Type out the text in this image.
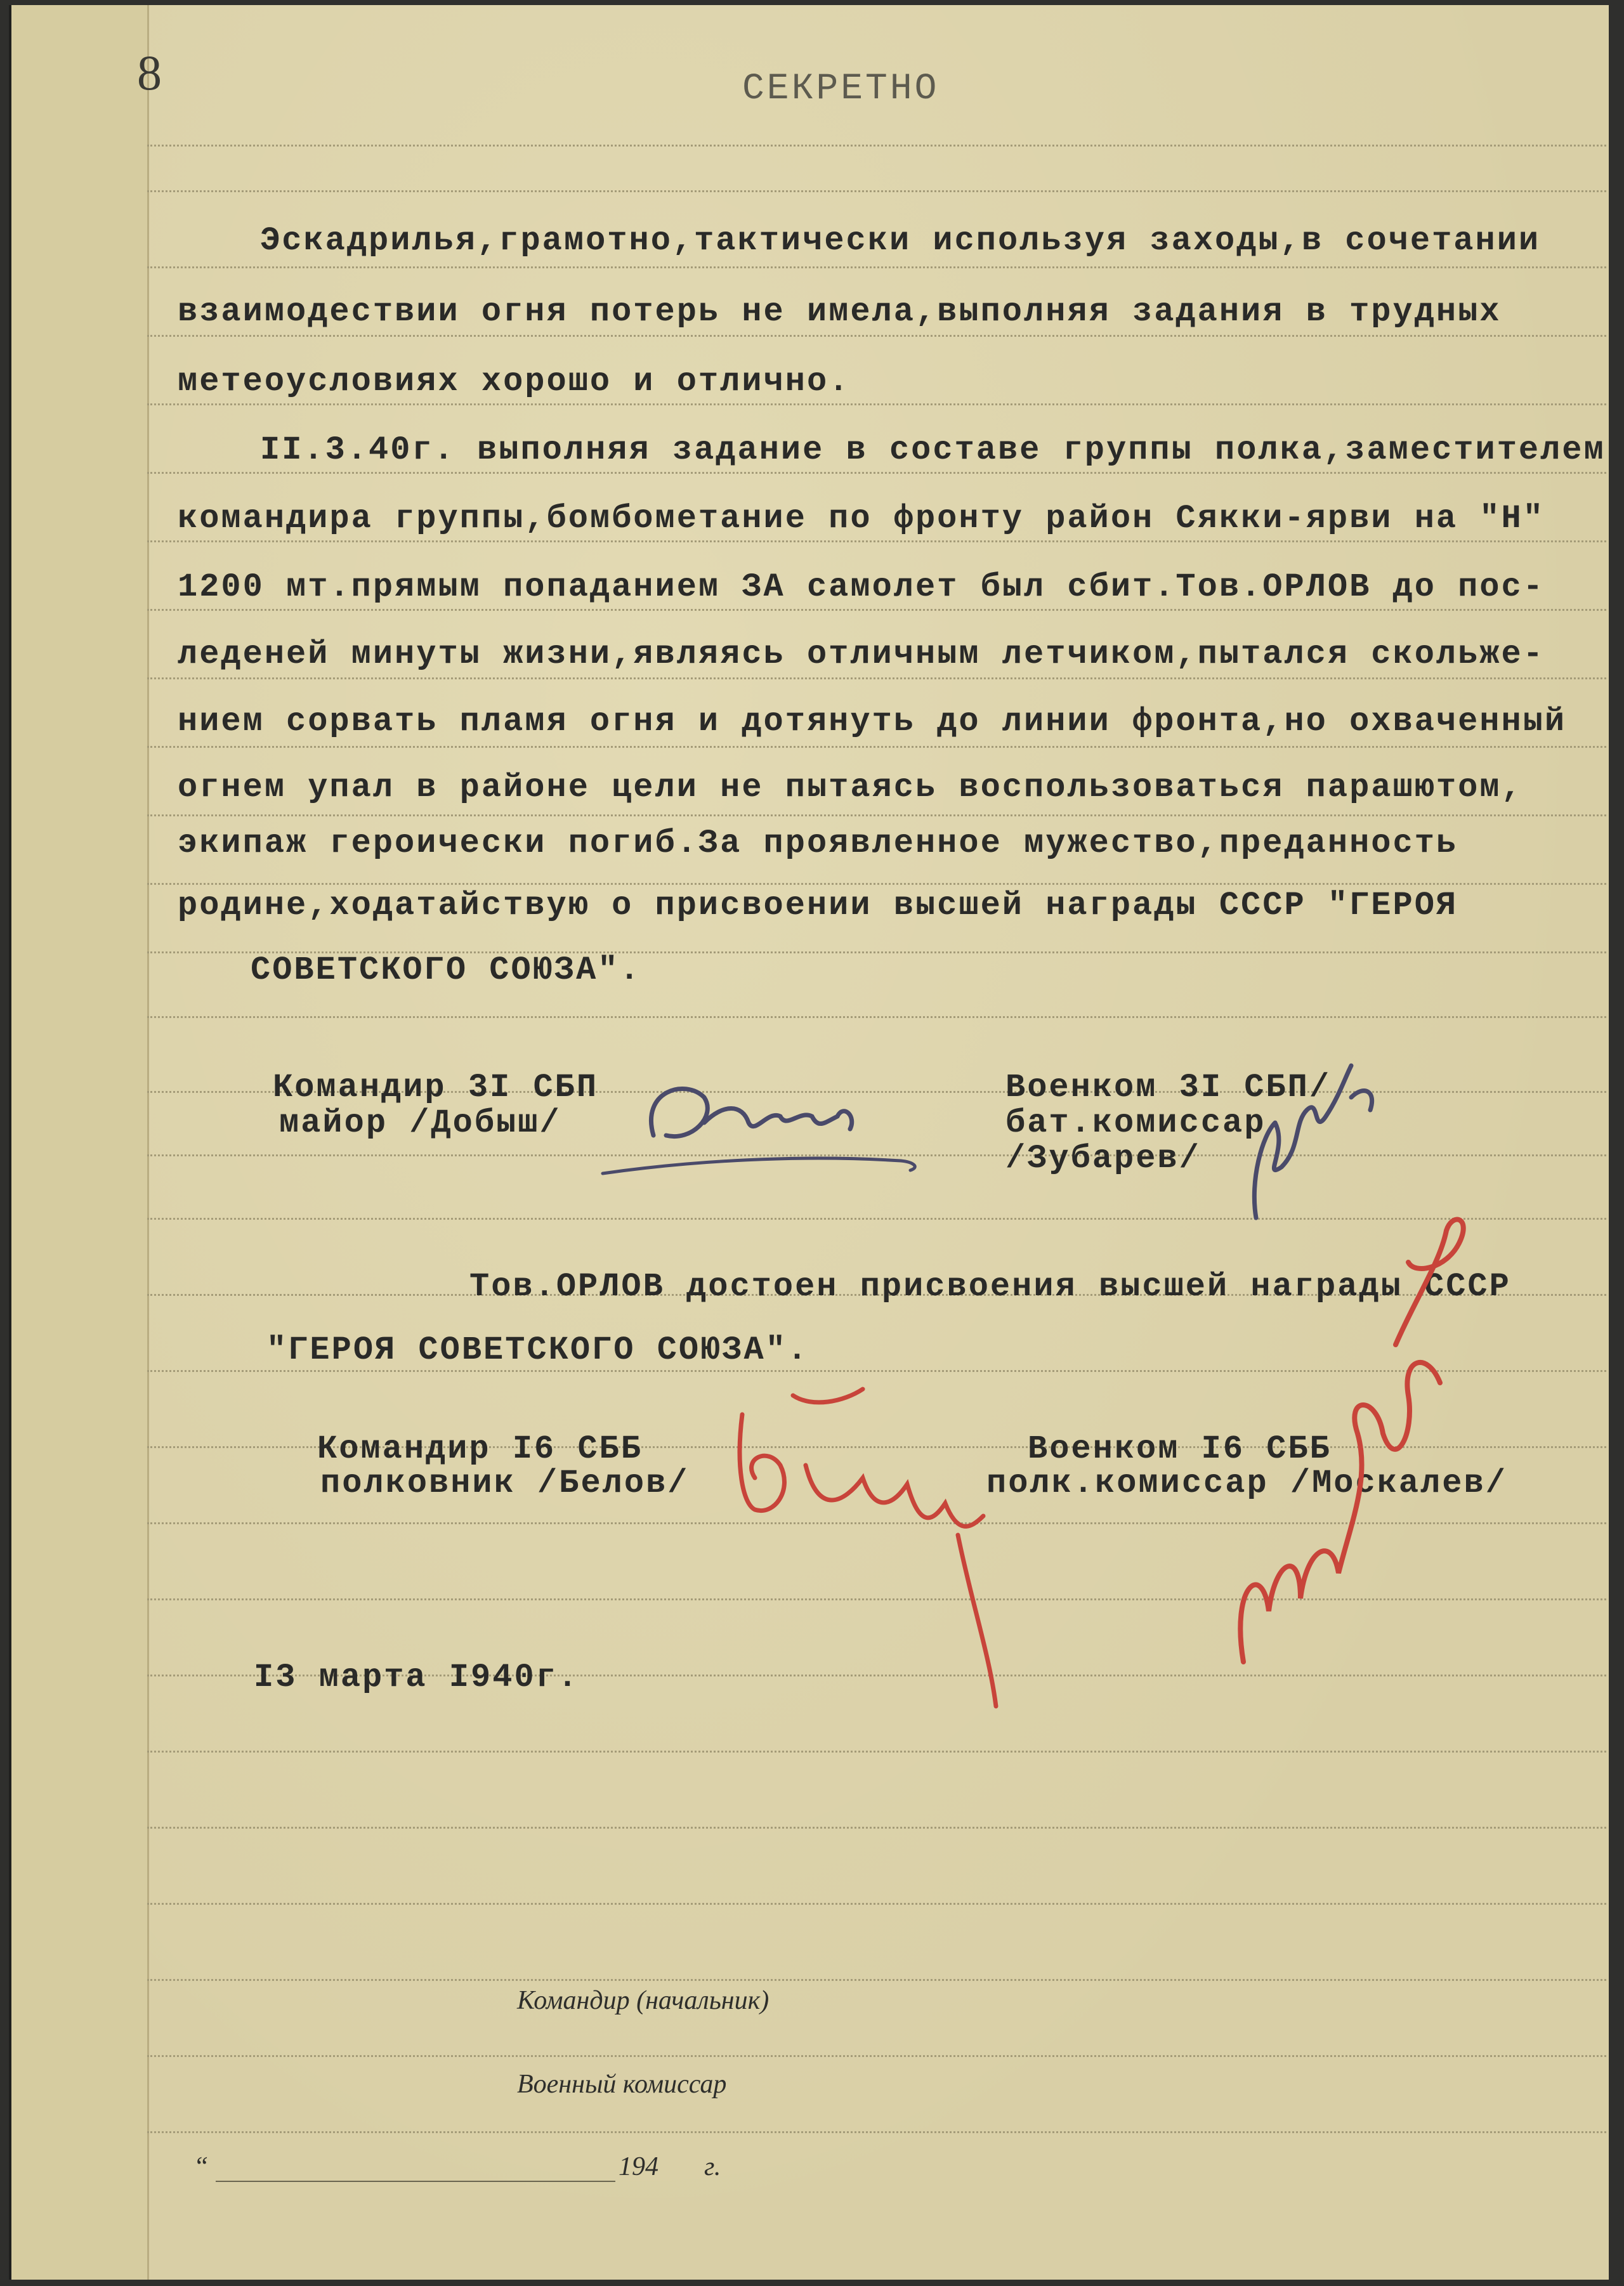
8	СЕКРЕТНО
Эскадрилья,грамотно,тактически используя заходы,в сочетании
взаимодествии огня потерь не имела,выполняя задания в трудных
метеоусловиях хорошо и отлично.
II.3.40г. выполняя задание в составе группы полка,заместителем
командира группы,бомбометание по фронту район Сякки-ярви на "Н"
1200 мт.прямым попаданием ЗА самолет был сбит.Тов.ОРЛОВ до пос-
леденей минуты жизни,являясь отличным летчиком,пытался скольже-
нием сорвать пламя огня и дотянуть до линии фронта,но охваченный
огнем упал в районе цели не пытаясь воспользоваться парашютом,
экипаж героически погиб.За проявленное мужество,преданность
родине,ходатайствую о присвоении высшей награды СССР "ГЕРОЯ
СОВЕТСКОГО СОЮЗА".
Командир 3I СБП
майор /Добыш/
Военком 3I СБП/
бат.комиссар
/Зубарев/
Тов.ОРЛОВ достоен присвоения высшей награды СССР
"ГЕРОЯ СОВЕТСКОГО СОЮЗА".
Командир I6 СББ
полковник /Белов/
Военком I6 СББ
полк.комиссар /Москалев/
I3 марта I940г.
Командир (начальник)
Военный комиссар
“	194 г.
